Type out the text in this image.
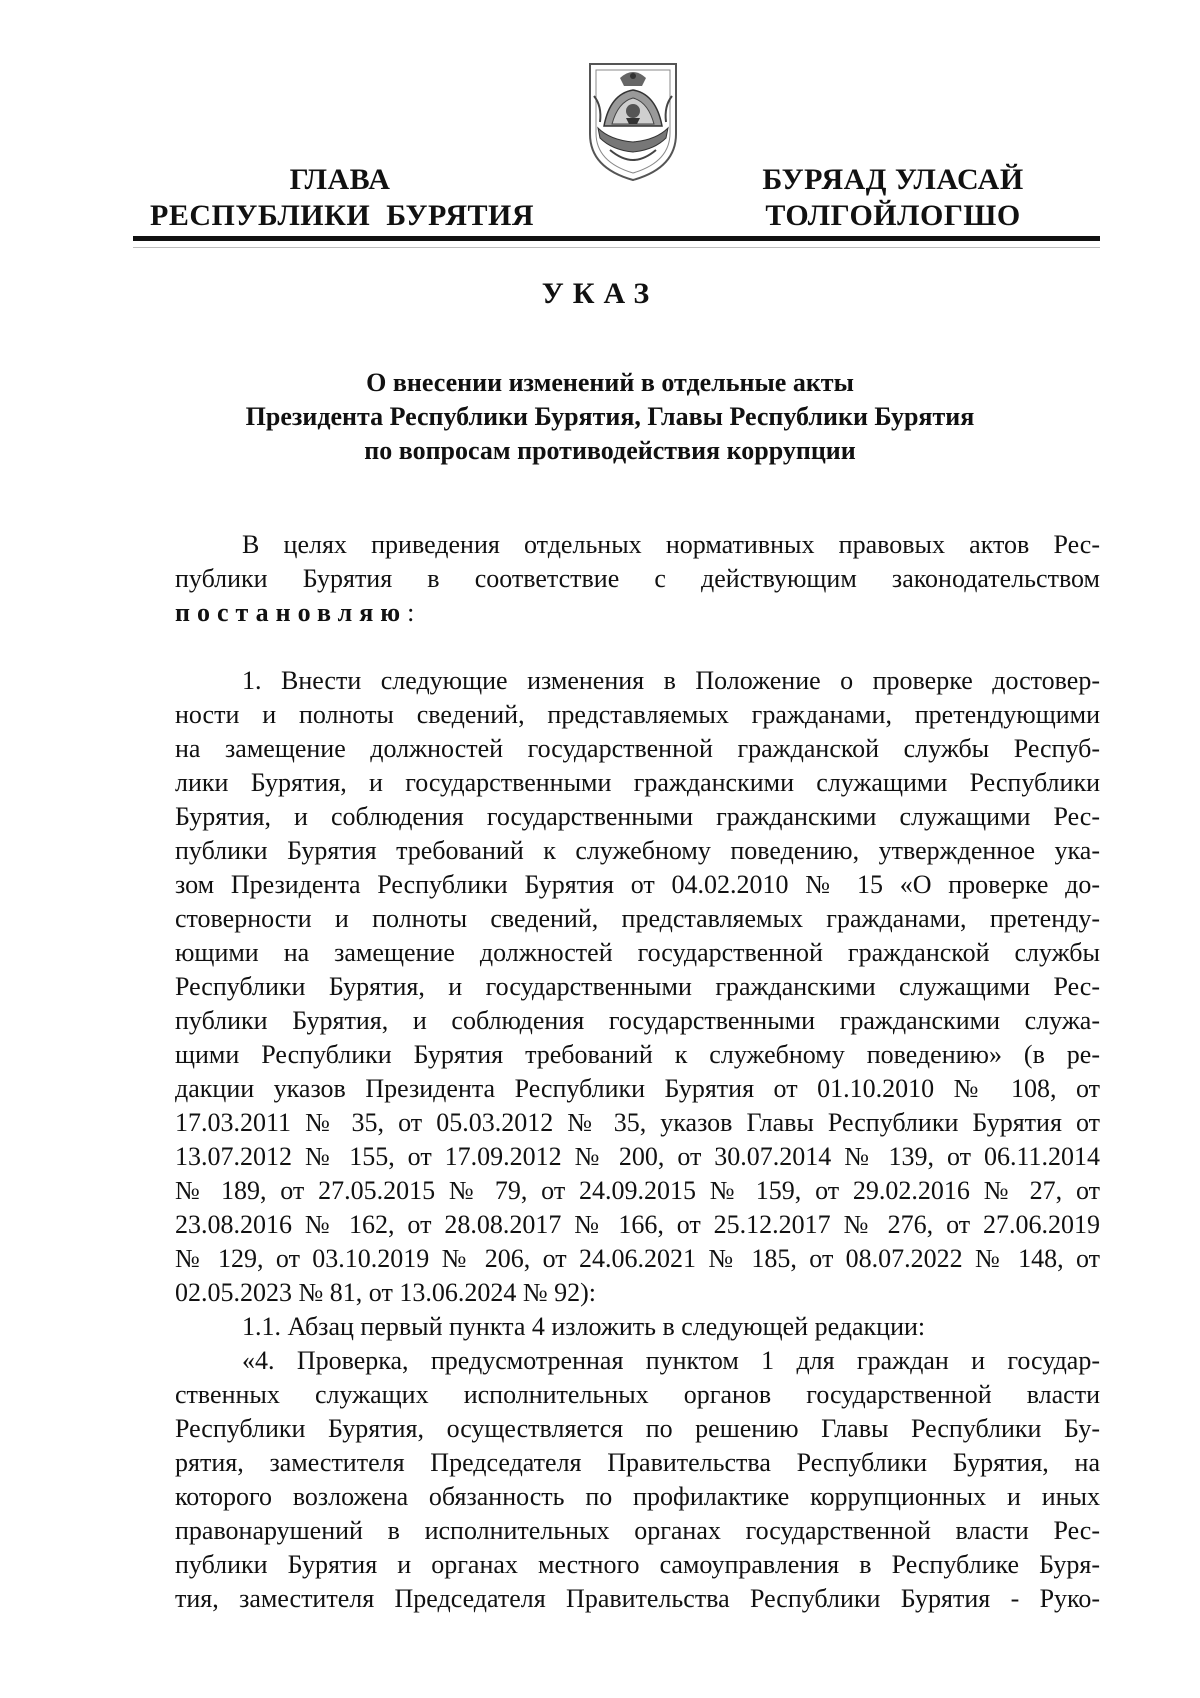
ГЛАВА
РЕСПУБЛИКИ  БУРЯТИЯ
БУРЯАД УЛАСАЙ
ТОЛГОЙЛОГШО
УКАЗ
О внесении изменений в отдельные акты
Президента Республики Бурятия, Главы Республики Бурятия
по вопросам противодействия коррупции
В целях приведения отдельных нормативных правовых актов Рес-
публики Бурятия в соответствие с действующим законодательством
постановляю:
1. Внести следующие изменения в Положение о проверке достовер-
ности и полноты сведений, представляемых гражданами, претендующими
на замещение должностей государственной гражданской службы Респуб-
лики Бурятия, и государственными гражданскими служащими Республики
Бурятия, и соблюдения государственными гражданскими служащими Рес-
публики Бурятия требований к служебному поведению, утвержденное ука-
зом Президента Республики Бурятия от 04.02.2010 № 15 «О проверке до-
стоверности и полноты сведений, представляемых гражданами, претенду-
ющими на замещение должностей государственной гражданской службы
Республики Бурятия, и государственными гражданскими служащими Рес-
публики Бурятия, и соблюдения государственными гражданскими служа-
щими Республики Бурятия требований к служебному поведению» (в ре-
дакции указов Президента Республики Бурятия от 01.10.2010 № 108, от
17.03.2011 № 35, от 05.03.2012 № 35, указов Главы Республики Бурятия от
13.07.2012 № 155, от 17.09.2012 № 200, от 30.07.2014 № 139, от 06.11.2014
№ 189, от 27.05.2015 № 79, от 24.09.2015 № 159, от 29.02.2016 № 27, от
23.08.2016 № 162, от 28.08.2017 № 166, от 25.12.2017 № 276, от 27.06.2019
№ 129, от 03.10.2019 № 206, от 24.06.2021 № 185, от 08.07.2022 № 148, от
02.05.2023 № 81, от 13.06.2024 № 92):
1.1. Абзац первый пункта 4 изложить в следующей редакции:
«4. Проверка, предусмотренная пунктом 1 для граждан и государ-
ственных служащих исполнительных органов государственной власти
Республики Бурятия, осуществляется по решению Главы Республики Бу-
рятия, заместителя Председателя Правительства Республики Бурятия, на
которого возложена обязанность по профилактике коррупционных и иных
правонарушений в исполнительных органах государственной власти Рес-
публики Бурятия и органах местного самоуправления в Республике Буря-
тия, заместителя Председателя Правительства Республики Бурятия - Руко-
